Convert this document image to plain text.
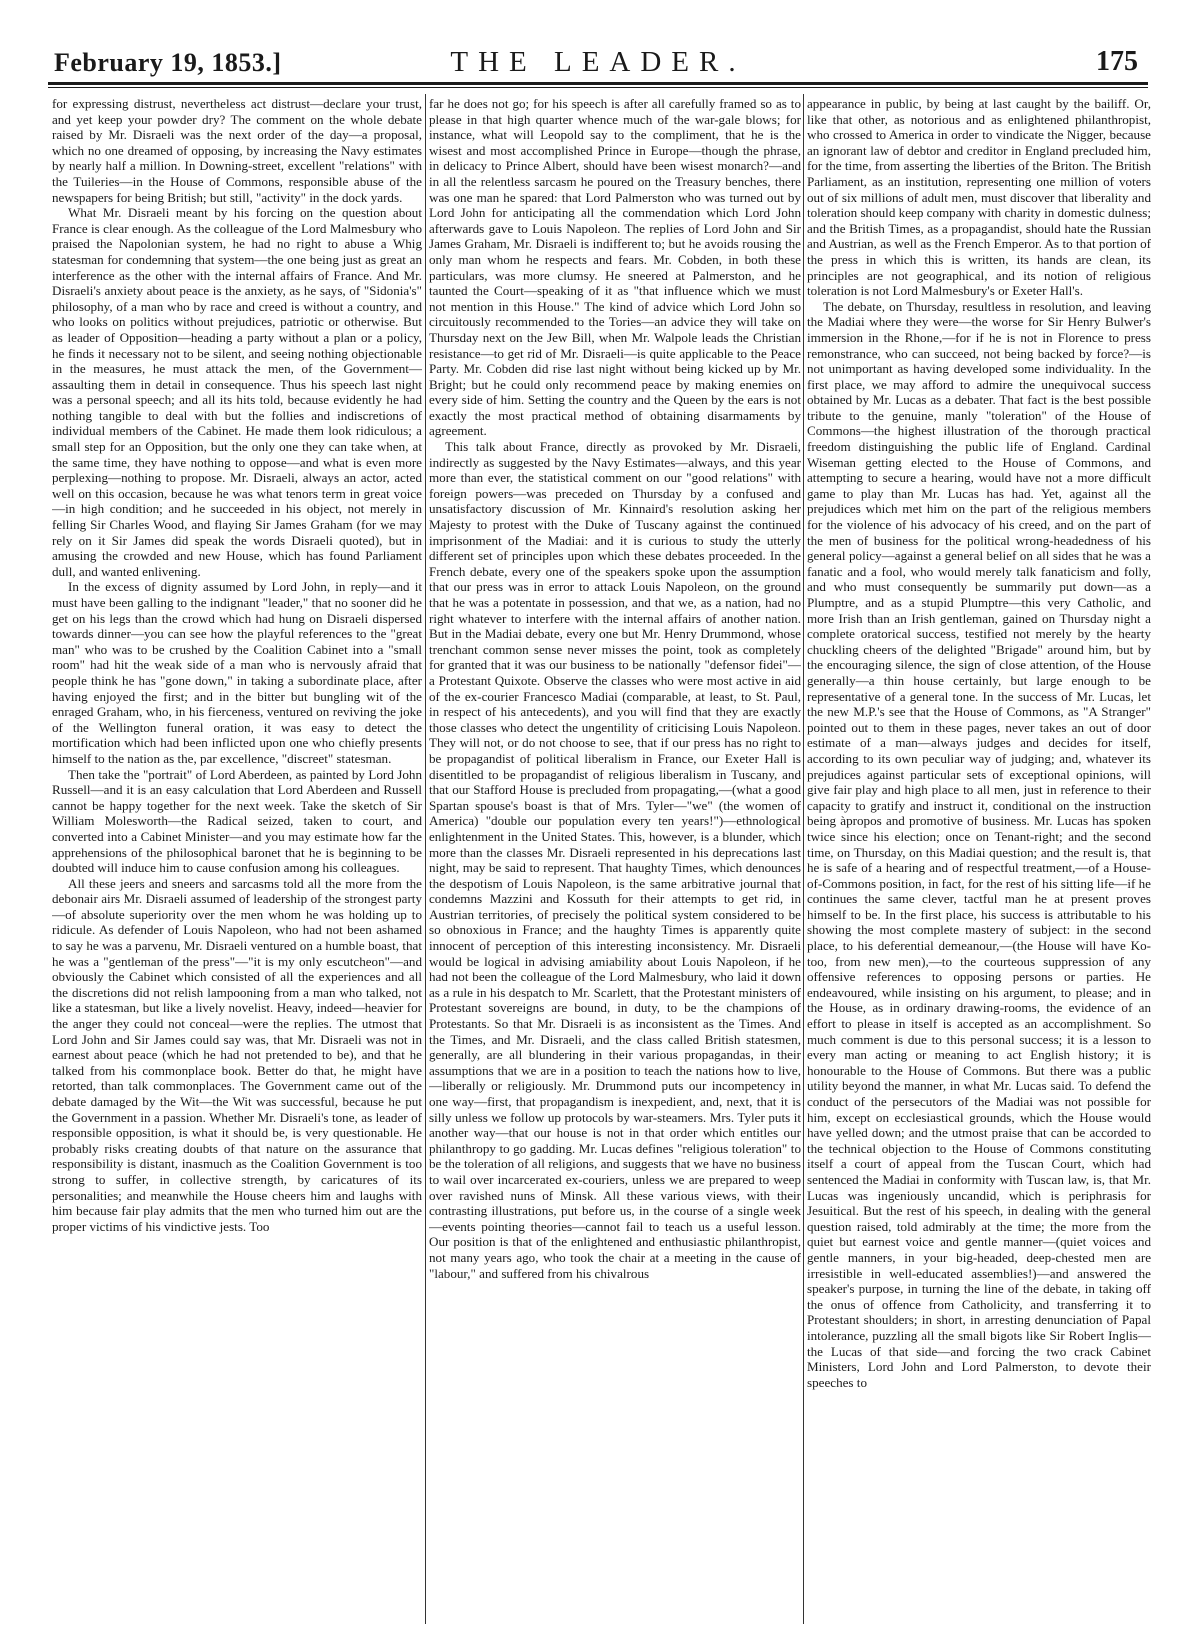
February 19, 1853.]	THE LEADER.	175

for expressing distrust, nevertheless act distrust—declare your trust, and yet keep your powder dry? The comment on the whole debate raised by Mr. Disraeli was the next order of the day—a proposal, which no one dreamed of opposing, by increasing the Navy estimates by nearly half a million. In Downing-street, excellent "relations" with the Tuileries—in the House of Commons, responsible abuse of the newspapers for being British; but still, "activity" in the dock yards.

What Mr. Disraeli meant by his forcing on the question about France is clear enough. As the colleague of the Lord Malmesbury who praised the Napolonian system, he had no right to abuse a Whig statesman for condemning that system—the one being just as great an interference as the other with the internal affairs of France. And Mr. Disraeli's anxiety about peace is the anxiety, as he says, of "Sidonia's" philosophy, of a man who by race and creed is without a country, and who looks on politics without prejudices, patriotic or otherwise. But as leader of Opposition—heading a party without a plan or a policy, he finds it necessary not to be silent, and seeing nothing objectionable in the measures, he must attack the men, of the Government—assaulting them in detail in consequence. Thus his speech last night was a personal speech; and all its hits told, because evidently he had nothing tangible to deal with but the follies and indiscretions of individual members of the Cabinet. He made them look ridiculous; a small step for an Opposition, but the only one they can take when, at the same time, they have nothing to oppose—and what is even more perplexing—nothing to propose. Mr. Disraeli, always an actor, acted well on this occasion, because he was what tenors term in great voice—in high condition; and he succeeded in his object, not merely in felling Sir Charles Wood, and flaying Sir James Graham (for we may rely on it Sir James did speak the words Disraeli quoted), but in amusing the crowded and new House, which has found Parliament dull, and wanted enlivening.

In the excess of dignity assumed by Lord John, in reply—and it must have been galling to the indignant "leader," that no sooner did he get on his legs than the crowd which had hung on Disraeli dispersed towards dinner—you can see how the playful references to the "great man" who was to be crushed by the Coalition Cabinet into a "small room" had hit the weak side of a man who is nervously afraid that people think he has "gone down," in taking a subordinate place, after having enjoyed the first; and in the bitter but bungling wit of the enraged Graham, who, in his fierceness, ventured on reviving the joke of the Wellington funeral oration, it was easy to detect the mortification which had been inflicted upon one who chiefly presents himself to the nation as the, par excellence, "discreet" statesman.

Then take the "portrait" of Lord Aberdeen, as painted by Lord John Russell—and it is an easy calculation that Lord Aberdeen and Russell cannot be happy together for the next week. Take the sketch of Sir William Molesworth—the Radical seized, taken to court, and converted into a Cabinet Minister—and you may estimate how far the apprehensions of the philosophical baronet that he is beginning to be doubted will induce him to cause confusion among his colleagues.

All these jeers and sneers and sarcasms told all the more from the debonair airs Mr. Disraeli assumed of leadership of the strongest party—of absolute superiority over the men whom he was holding up to ridicule. As defender of Louis Napoleon, who had not been ashamed to say he was a parvenu, Mr. Disraeli ventured on a humble boast, that he was a "gentleman of the press"—"it is my only escutcheon"—and obviously the Cabinet which consisted of all the experiences and all the discretions did not relish lampooning from a man who talked, not like a statesman, but like a lively novelist. Heavy, indeed—heavier for the anger they could not conceal—were the replies. The utmost that Lord John and Sir James could say was, that Mr. Disraeli was not in earnest about peace (which he had not pretended to be), and that he talked from his commonplace book. Better do that, he might have retorted, than talk commonplaces. The Government came out of the debate damaged by the Wit—the Wit was successful, because he put the Government in a passion. Whether Mr. Disraeli's tone, as leader of responsible opposition, is what it should be, is very questionable. He probably risks creating doubts of that nature on the assurance that responsibility is distant, inasmuch as the Coalition Government is too strong to suffer, in collective strength, by caricatures of its personalities; and meanwhile the House cheers him and laughs with him because fair play admits that the men who turned him out are the proper victims of his vindictive jests. Too

far he does not go; for his speech is after all carefully framed so as to please in that high quarter whence much of the war-gale blows; for instance, what will Leopold say to the compliment, that he is the wisest and most accomplished Prince in Europe—though the phrase, in delicacy to Prince Albert, should have been wisest monarch?—and in all the relentless sarcasm he poured on the Treasury benches, there was one man he spared: that Lord Palmerston who was turned out by Lord John for anticipating all the commendation which Lord John afterwards gave to Louis Napoleon. The replies of Lord John and Sir James Graham, Mr. Disraeli is indifferent to; but he avoids rousing the only man whom he respects and fears. Mr. Cobden, in both these particulars, was more clumsy. He sneered at Palmerston, and he taunted the Court—speaking of it as "that influence which we must not mention in this House." The kind of advice which Lord John so circuitously recommended to the Tories—an advice they will take on Thursday next on the Jew Bill, when Mr. Walpole leads the Christian resistance—to get rid of Mr. Disraeli—is quite applicable to the Peace Party. Mr. Cobden did rise last night without being kicked up by Mr. Bright; but he could only recommend peace by making enemies on every side of him. Setting the country and the Queen by the ears is not exactly the most practical method of obtaining disarmaments by agreement.

This talk about France, directly as provoked by Mr. Disraeli, indirectly as suggested by the Navy Estimates—always, and this year more than ever, the statistical comment on our "good relations" with foreign powers—was preceded on Thursday by a confused and unsatisfactory discussion of Mr. Kinnaird's resolution asking her Majesty to protest with the Duke of Tuscany against the continued imprisonment of the Madiai: and it is curious to study the utterly different set of principles upon which these debates proceeded. In the French debate, every one of the speakers spoke upon the assumption that our press was in error to attack Louis Napoleon, on the ground that he was a potentate in possession, and that we, as a nation, had no right whatever to interfere with the internal affairs of another nation. But in the Madiai debate, every one but Mr. Henry Drummond, whose trenchant common sense never misses the point, took as completely for granted that it was our business to be nationally "defensor fidei"—a Protestant Quixote. Observe the classes who were most active in aid of the ex-courier Francesco Madiai (comparable, at least, to St. Paul, in respect of his antecedents), and you will find that they are exactly those classes who detect the ungentility of criticising Louis Napoleon. They will not, or do not choose to see, that if our press has no right to be propagandist of political liberalism in France, our Exeter Hall is disentitled to be propagandist of religious liberalism in Tuscany, and that our Stafford House is precluded from propagating,—(what a good Spartan spouse's boast is that of Mrs. Tyler—"we" (the women of America) "double our population every ten years!")—ethnological enlightenment in the United States. This, however, is a blunder, which more than the classes Mr. Disraeli represented in his deprecations last night, may be said to represent. That haughty Times, which denounces the despotism of Louis Napoleon, is the same arbitrative journal that condemns Mazzini and Kossuth for their attempts to get rid, in Austrian territories, of precisely the political system considered to be so obnoxious in France; and the haughty Times is apparently quite innocent of perception of this interesting inconsistency. Mr. Disraeli would be logical in advising amiability about Louis Napoleon, if he had not been the colleague of the Lord Malmesbury, who laid it down as a rule in his despatch to Mr. Scarlett, that the Protestant ministers of Protestant sovereigns are bound, in duty, to be the champions of Protestants. So that Mr. Disraeli is as inconsistent as the Times. And the Times, and Mr. Disraeli, and the class called British statesmen, generally, are all blundering in their various propagandas, in their assumptions that we are in a position to teach the nations how to live,—liberally or religiously. Mr. Drummond puts our incompetency in one way—first, that propagandism is inexpedient, and, next, that it is silly unless we follow up protocols by war-steamers. Mrs. Tyler puts it another way—that our house is not in that order which entitles our philanthropy to go gadding. Mr. Lucas defines "religious toleration" to be the toleration of all religions, and suggests that we have no business to wail over incarcerated ex-couriers, unless we are prepared to weep over ravished nuns of Minsk. All these various views, with their contrasting illustrations, put before us, in the course of a single week—events pointing theories—cannot fail to teach us a useful lesson. Our position is that of the enlightened and enthusiastic philanthropist, not many years ago, who took the chair at a meeting in the cause of "labour," and suffered from his chivalrous

appearance in public, by being at last caught by the bailiff. Or, like that other, as notorious and as enlightened philanthropist, who crossed to America in order to vindicate the Nigger, because an ignorant law of debtor and creditor in England precluded him, for the time, from asserting the liberties of the Briton. The British Parliament, as an institution, representing one million of voters out of six millions of adult men, must discover that liberality and toleration should keep company with charity in domestic dulness; and the British Times, as a propagandist, should hate the Russian and Austrian, as well as the French Emperor. As to that portion of the press in which this is written, its hands are clean, its principles are not geographical, and its notion of religious toleration is not Lord Malmesbury's or Exeter Hall's.

The debate, on Thursday, resultless in resolution, and leaving the Madiai where they were—the worse for Sir Henry Bulwer's immersion in the Rhone,—for if he is not in Florence to press remonstrance, who can succeed, not being backed by force?—is not unimportant as having developed some individuality. In the first place, we may afford to admire the unequivocal success obtained by Mr. Lucas as a debater. That fact is the best possible tribute to the genuine, manly "toleration" of the House of Commons—the highest illustration of the thorough practical freedom distinguishing the public life of England. Cardinal Wiseman getting elected to the House of Commons, and attempting to secure a hearing, would have not a more difficult game to play than Mr. Lucas has had. Yet, against all the prejudices which met him on the part of the religious members for the violence of his advocacy of his creed, and on the part of the men of business for the political wrong-headedness of his general policy—against a general belief on all sides that he was a fanatic and a fool, who would merely talk fanaticism and folly, and who must consequently be summarily put down—as a Plumptre, and as a stupid Plumptre—this very Catholic, and more Irish than an Irish gentleman, gained on Thursday night a complete oratorical success, testified not merely by the hearty chuckling cheers of the delighted "Brigade" around him, but by the encouraging silence, the sign of close attention, of the House generally—a thin house certainly, but large enough to be representative of a general tone. In the success of Mr. Lucas, let the new M.P.'s see that the House of Commons, as "A Stranger" pointed out to them in these pages, never takes an out of door estimate of a man—always judges and decides for itself, according to its own peculiar way of judging; and, whatever its prejudices against particular sets of exceptional opinions, will give fair play and high place to all men, just in reference to their capacity to gratify and instruct it, conditional on the instruction being àpropos and promotive of business. Mr. Lucas has spoken twice since his election; once on Tenant-right; and the second time, on Thursday, on this Madiai question; and the result is, that he is safe of a hearing and of respectful treatment,—of a House-of-Commons position, in fact, for the rest of his sitting life—if he continues the same clever, tactful man he at present proves himself to be. In the first place, his success is attributable to his showing the most complete mastery of subject: in the second place, to his deferential demeanour,—(the House will have Ko-too, from new men),—to the courteous suppression of any offensive references to opposing persons or parties. He endeavoured, while insisting on his argument, to please; and in the House, as in ordinary drawing-rooms, the evidence of an effort to please in itself is accepted as an accomplishment. So much comment is due to this personal success; it is a lesson to every man acting or meaning to act English history; it is honourable to the House of Commons. But there was a public utility beyond the manner, in what Mr. Lucas said. To defend the conduct of the persecutors of the Madiai was not possible for him, except on ecclesiastical grounds, which the House would have yelled down; and the utmost praise that can be accorded to the technical objection to the House of Commons constituting itself a court of appeal from the Tuscan Court, which had sentenced the Madiai in conformity with Tuscan law, is, that Mr. Lucas was ingeniously uncandid, which is periphrasis for Jesuitical. But the rest of his speech, in dealing with the general question raised, told admirably at the time; the more from the quiet but earnest voice and gentle manner—(quiet voices and gentle manners, in your big-headed, deep-chested men are irresistible in well-educated assemblies!)—and answered the speaker's purpose, in turning the line of the debate, in taking off the onus of offence from Catholicity, and transferring it to Protestant shoulders; in short, in arresting denunciation of Papal intolerance, puzzling all the small bigots like Sir Robert Inglis—the Lucas of that side—and forcing the two crack Cabinet Ministers, Lord John and Lord Palmerston, to devote their speeches to
